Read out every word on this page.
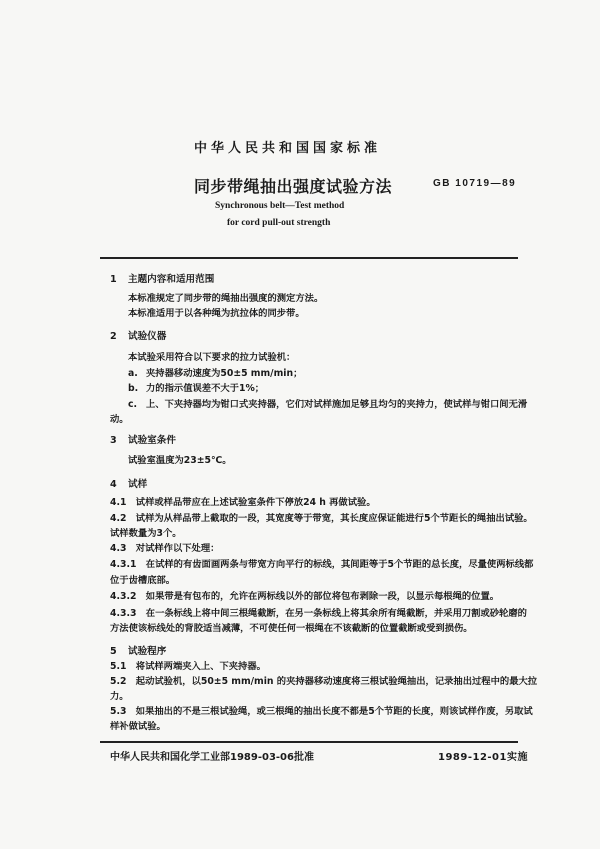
中华人民共和国国家标准
同步带绳抽出强度试验方法	GB 10719—89
Synchronous belt—Test method
for cord pull-out strength
1 主题内容和适用范围
本标准规定了同步带的绳抽出强度的测定方法。
本标准适用于以各种绳为抗拉体的同步带。
2 试验仪器
本试验采用符合以下要求的拉力试验机：
a. 夹持器移动速度为50±5 mm/min；
b. 力的指示值误差不大于1%；
c. 上、下夹持器均为钳口式夹持器，它们对试样施加足够且均匀的夹持力，使试样与钳口间无滑
动。
3 试验室条件
试验室温度为23±5℃。
4 试样
4.1　试样或样品带应在上述试验室条件下停放24 h 再做试验。
4.2　试样为从样品带上截取的一段，其宽度等于带宽，其长度应保证能进行5个节距长的绳抽出试验。
试样数量为3个。
4.3　对试样作以下处理：
4.3.1　在试样的有齿面画两条与带宽方向平行的标线，其间距等于5个节距的总长度，尽量使两标线都
位于齿槽底部。
4.3.2　如果带是有包布的，允许在两标线以外的部位将包布剥除一段，以显示每根绳的位置。
4.3.3　在一条标线上将中间三根绳截断，在另一条标线上将其余所有绳截断，并采用刀割或砂轮磨的
方法使该标线处的背胶适当减薄，不可使任何一根绳在不该截断的位置截断或受到损伤。
5 试验程序
5.1　将试样两端夹入上、下夹持器。
5.2　起动试验机，以50±5 mm/min 的夹持器移动速度将三根试验绳抽出，记录抽出过程中的最大拉
力。
5.3　如果抽出的不是三根试验绳，或三根绳的抽出长度不都是5个节距的长度，则该试样作废，另取试
样补做试验。
中华人民共和国化学工业部1989-03-06批准	1989-12-01实施
